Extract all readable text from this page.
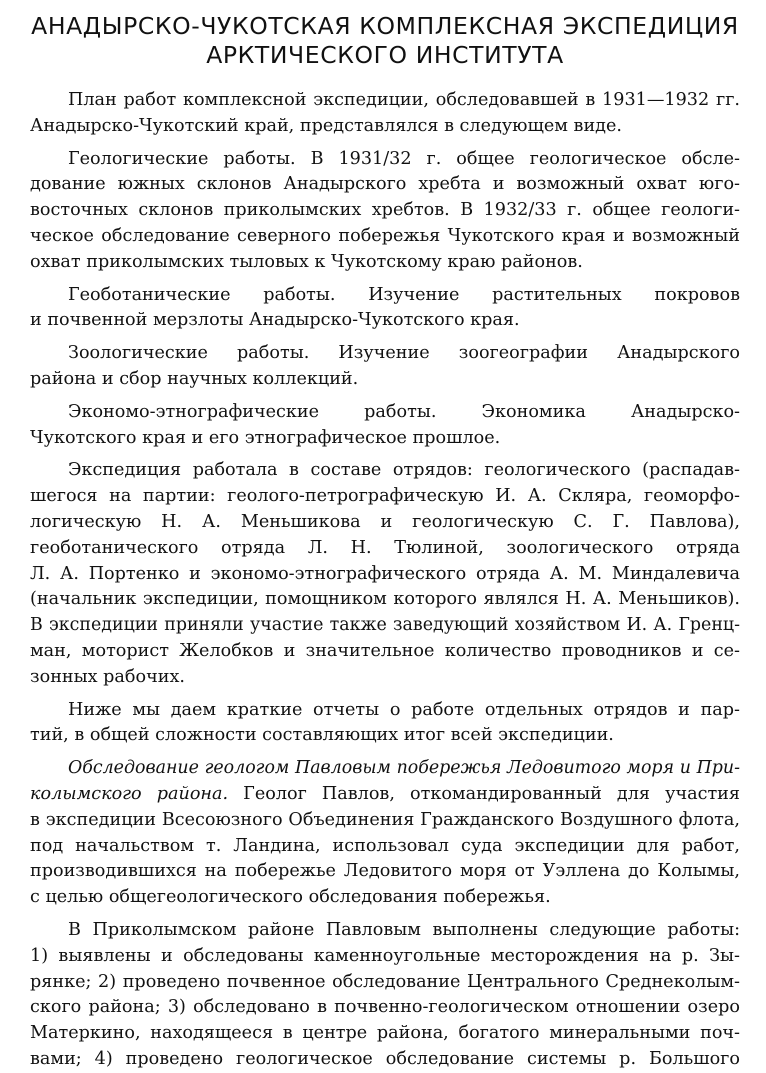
АНАДЫРСКО-ЧУКОТСКАЯ КОМПЛЕКСНАЯ ЭКСПЕДИЦИЯ
АРКТИЧЕСКОГО ИНСТИТУТА

План работ комплексной экспедиции, обследовавшей в 1931—1932 гг.
Анадырско-Чукотский край, представлялся в следующем виде.

Геологические работы. В 1931/32 г. общее геологическое обсле-
дование южных склонов Анадырского хребта и возможный охват юго-
восточных склонов приколымских хребтов. В 1932/33 г. общее геологи-
ческое обследование северного побережья Чукотского края и возможный
охват приколымских тыловых к Чукотскому краю районов.

Геоботанические работы. Изучение растительных покровов
и почвенной мерзлоты Анадырско-Чукотского края.

Зоологические работы. Изучение зоогеографии Анадырского
района и сбор научных коллекций.

Экономо-этнографические работы. Экономика Анадырско-
Чукотского края и его этнографическое прошлое.

Экспедиция работала в составе отрядов: геологического (распадав-
шегося на партии: геолого-петрографическую И. А. Скляра, геоморфо-
логическую Н. А. Меньшикова и геологическую С. Г. Павлова),
геоботанического отряда Л. Н. Тюлиной, зоологического отряда
Л. А. Портенко и экономо-этнографического отряда А. М. Миндалевича
(начальник экспедиции, помощником которого являлся Н. А. Меньшиков).
В экспедиции приняли участие также заведующий хозяйством И. А. Гренц-
ман, моторист Желобков и значительное количество проводников и се-
зонных рабочих.

Ниже мы даем краткие отчеты о работе отдельных отрядов и пар-
тий, в общей сложности составляющих итог всей экспедиции.

Обследование геологом Павловым побережья Ледовитого моря и При-
колымского района. Геолог Павлов, откомандированный для участия
в экспедиции Всесоюзного Объединения Гражданского Воздушного флота,
под начальством т. Ландина, использовал суда экспедиции для работ,
производившихся на побережье Ледовитого моря от Уэллена до Колымы,
с целью общегеологического обследования побережья.

В Приколымском районе Павловым выполнены следующие работы:
1) выявлены и обследованы каменноугольные месторождения на р. Зы-
рянке; 2) проведено почвенное обследование Центрального Среднеколым-
ского района; 3) обследовано в почвенно-геологическом отношении озеро
Матеркино, находящееся в центре района, богатого минеральными поч-
вами; 4) проведено геологическое обследование системы р. Большого
